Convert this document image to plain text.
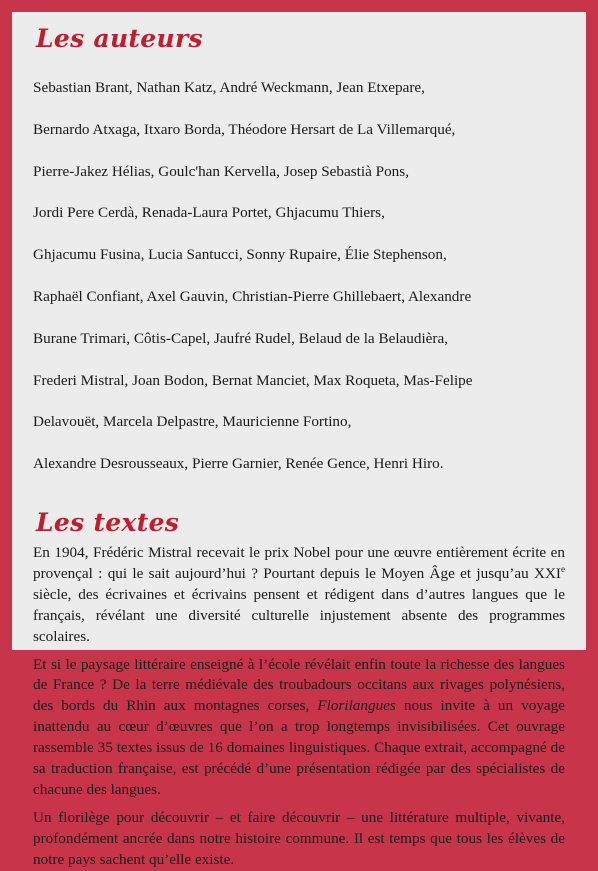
Les auteurs

Sebastian Brant, Nathan Katz, André Weckmann, Jean Etxepare,

Bernardo Atxaga, Itxaro Borda, Théodore Hersart de La Villemarqué,

Pierre-Jakez Hélias, Goulc'han Kervella, Josep Sebastià Pons,

Jordi Pere Cerdà, Renada-Laura Portet, Ghjacumu Thiers,

Ghjacumu Fusina, Lucia Santucci, Sonny Rupaire, Élie Stephenson,

Raphaël Confiant, Axel Gauvin, Christian-Pierre Ghillebaert, Alexandre

Burane Trimari, Côtis-Capel, Jaufré Rudel, Belaud de la Belaudièra,

Frederi Mistral, Joan Bodon, Bernat Manciet, Max Roqueta, Mas-Felipe

Delavouët, Marcela Delpastre, Mauricienne Fortino,

Alexandre Desrousseaux, Pierre Garnier, Renée Gence, Henri Hiro.

Les textes

En 1904, Frédéric Mistral recevait le prix Nobel pour une œuvre entièrement écrite en provençal : qui le sait aujourd’hui ? Pourtant depuis le Moyen Âge et jusqu’au XXIe siècle, des écrivaines et écrivains pensent et rédigent dans d’autres langues que le français, révélant une diversité culturelle injustement absente des programmes scolaires.

Et si le paysage littéraire enseigné à l’école révélait enfin toute la richesse des langues de France ? De la terre médiévale des troubadours occitans aux rivages polynésiens, des bords du Rhin aux montagnes corses, Florilangues nous invite à un voyage inattendu au cœur d’œuvres que l’on a trop longtemps invisibilisées. Cet ouvrage rassemble 35 textes issus de 16 domaines linguistiques. Chaque extrait, accompagné de sa traduction française, est précédé d’une présentation rédigée par des spécialistes de chacune des langues.

Un florilège pour découvrir – et faire découvrir – une littérature multiple, vivante, profondément ancrée dans notre histoire commune. Il est temps que tous les élèves de notre pays sachent qu’elle existe.
